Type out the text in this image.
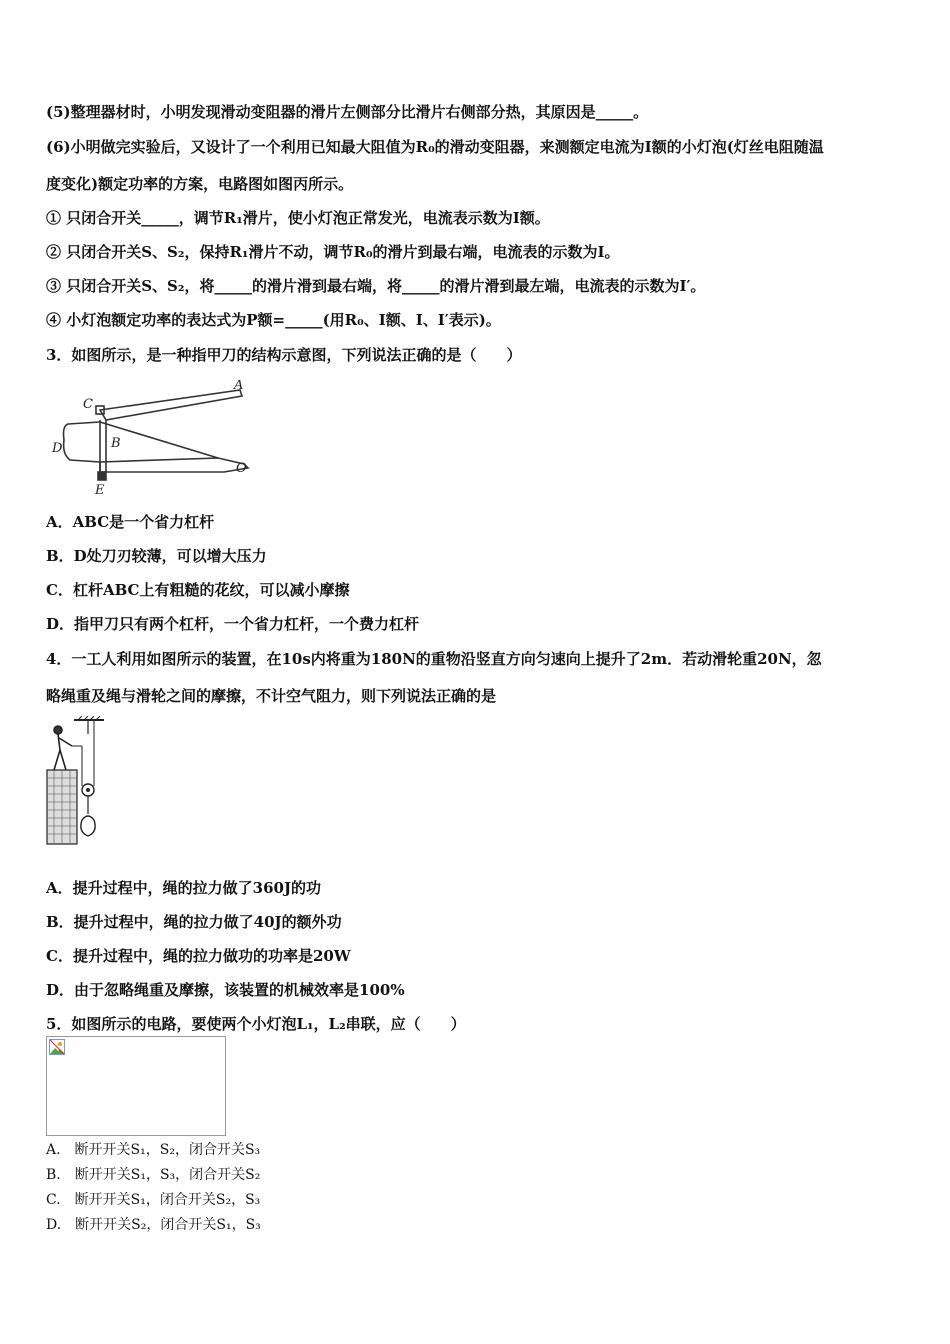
(5)整理器材时，小明发现滑动变阻器的滑片左侧部分比滑片右侧部分热，其原因是_____。
(6)小明做完实验后，又设计了一个利用已知最大阻值为R₀的滑动变阻器，来测额定电流为I额的小灯泡(灯丝电阻随温
度变化)额定功率的方案，电路图如图丙所示。
① 只闭合开关_____，调节R₁滑片，使小灯泡正常发光，电流表示数为I额。
② 只闭合开关S、S₂，保持R₁滑片不动，调节R₀的滑片到最右端，电流表的示数为I。
③ 只闭合开关S、S₂，将_____的滑片滑到最右端，将_____的滑片滑到最左端，电流表的示数为I′。
④ 小灯泡额定功率的表达式为P额=_____(用R₀、I额、I、I′表示)。
3．如图所示，是一种指甲刀的结构示意图，下列说法正确的是（　　）
A
B
C
D
E
O
A．ABC是一个省力杠杆
B．D处刀刃较薄，可以增大压力
C．杠杆ABC上有粗糙的花纹，可以减小摩擦
D．指甲刀只有两个杠杆，一个省力杠杆，一个费力杠杆
4．一工人利用如图所示的装置，在10s内将重为180N的重物沿竖直方向匀速向上提升了2m．若动滑轮重20N，忽
略绳重及绳与滑轮之间的摩擦，不计空气阻力，则下列说法正确的是
A．提升过程中，绳的拉力做了360J的功
B．提升过程中，绳的拉力做了40J的额外功
C．提升过程中，绳的拉力做功的功率是20W
D．由于忽略绳重及摩擦，该装置的机械效率是100%
5．如图所示的电路，要使两个小灯泡L₁，L₂串联，应（　　）
A.　断开开关S₁，S₂，闭合开关S₃
B.　断开开关S₁，S₃，闭合开关S₂
C.　断开开关S₁，闭合开关S₂，S₃
D.　断开开关S₂，闭合开关S₁，S₃
